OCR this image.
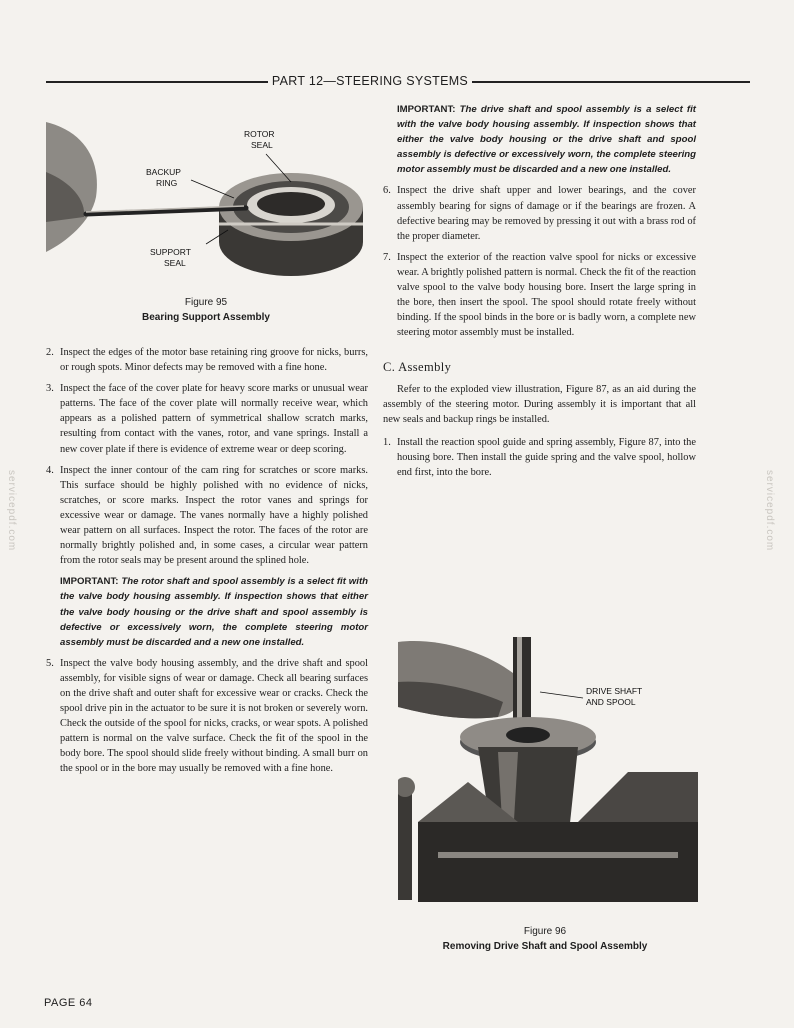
PART 12—STEERING SYSTEMS
servicepdf.com	servicepdf.com
ROTOR
SEAL
BACKUP
RING
SUPPORT
SEAL
Figure 95
Bearing Support Assembly
2. Inspect the edges of the motor base retaining ring groove for nicks, burrs, or rough spots. Minor defects may be removed with a fine hone.
3. Inspect the face of the cover plate for heavy score marks or unusual wear patterns. The face of the cover plate will normally receive wear, which appears as a polished pattern of symmetrical shallow scratch marks, resulting from contact with the vanes, rotor, and vane springs. Install a new cover plate if there is evidence of extreme wear or deep scoring.
4. Inspect the inner contour of the cam ring for scratches or score marks. This surface should be highly polished with no evidence of nicks, scratches, or score marks. Inspect the rotor vanes and springs for excessive wear or damage. The vanes normally have a highly polished wear pattern on all surfaces. Inspect the rotor. The faces of the rotor are normally brightly polished and, in some cases, a circular wear pattern from the rotor seals may be present around the splined hole.
IMPORTANT: The rotor shaft and spool assembly is a select fit with the valve body housing assembly. If inspection shows that either the valve body housing or the drive shaft and spool assembly is defective or excessively worn, the complete steering motor assembly must be discarded and a new one installed.
5. Inspect the valve body housing assembly, and the drive shaft and spool assembly, for visible signs of wear or damage. Check all bearing surfaces on the drive shaft and outer shaft for excessive wear or cracks. Check the spool drive pin in the actuator to be sure it is not broken or severely worn. Check the outside of the spool for nicks, cracks, or wear spots. A polished pattern is normal on the valve surface. Check the fit of the spool in the body bore. The spool should slide freely without binding. A small burr on the spool or in the bore may usually be removed with a fine hone.
IMPORTANT: The drive shaft and spool assembly is a select fit with the valve body housing assembly. If inspection shows that either the valve body housing or the drive shaft and spool assembly is defective or excessively worn, the complete steering motor assembly must be discarded and a new one installed.
6. Inspect the drive shaft upper and lower bearings, and the cover assembly bearing for signs of damage or if the bearings are frozen. A defective bearing may be removed by pressing it out with a brass rod of the proper diameter.
7. Inspect the exterior of the reaction valve spool for nicks or excessive wear. A brightly polished pattern is normal. Check the fit of the reaction valve spool to the valve body housing bore. Insert the large spring in the bore, then insert the spool. The spool should rotate freely without binding. If the spool binds in the bore or is badly worn, a complete new steering motor assembly must be installed.
C. Assembly
Refer to the exploded view illustration, Figure 87, as an aid during the assembly of the steering motor. During assembly it is important that all new seals and backup rings be installed.
1. Install the reaction spool guide and spring assembly, Figure 87, into the housing bore. Then install the guide spring and the valve spool, hollow end first, into the bore.
DRIVE SHAFT
AND SPOOL
Figure 96
Removing Drive Shaft and Spool Assembly
PAGE 64
